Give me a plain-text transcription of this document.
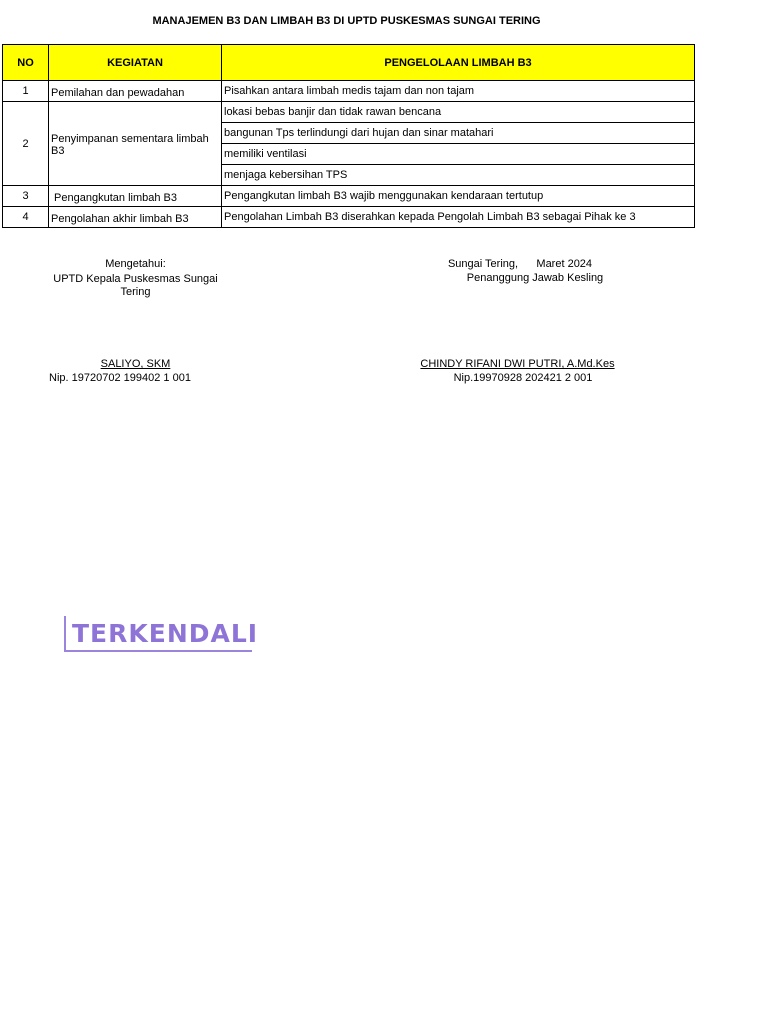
MANAJEMEN B3 DAN LIMBAH B3 DI UPTD PUSKESMAS SUNGAI TERING
NO	KEGIATAN	PENGELOLAAN LIMBAH B3
1	Pemilahan dan pewadahan	Pisahkan antara limbah medis tajam dan non tajam
2	Penyimpanan sementara limbah B3	lokasi bebas banjir dan tidak rawan bencana
		bangunan Tps terlindungi dari hujan dan sinar matahari
		memiliki ventilasi
		menjaga kebersihan TPS
3	Pengangkutan limbah B3	Pengangkutan limbah B3 wajib menggunakan kendaraan tertutup
4	Pengolahan akhir limbah B3	Pengolahan Limbah B3 diserahkan kepada Pengolah Limbah B3 sebagai Pihak ke 3
Mengetahui:
UPTD Kepala Puskesmas Sungai Tering
SALIYO, SKM
Nip. 19720702 199402 1 001
Sungai Tering,      Maret 2024
Penanggung Jawab Kesling
CHINDY RIFANI DWI PUTRI, A.Md.Kes
Nip.19970928 202421 2 001
TERKENDALI
